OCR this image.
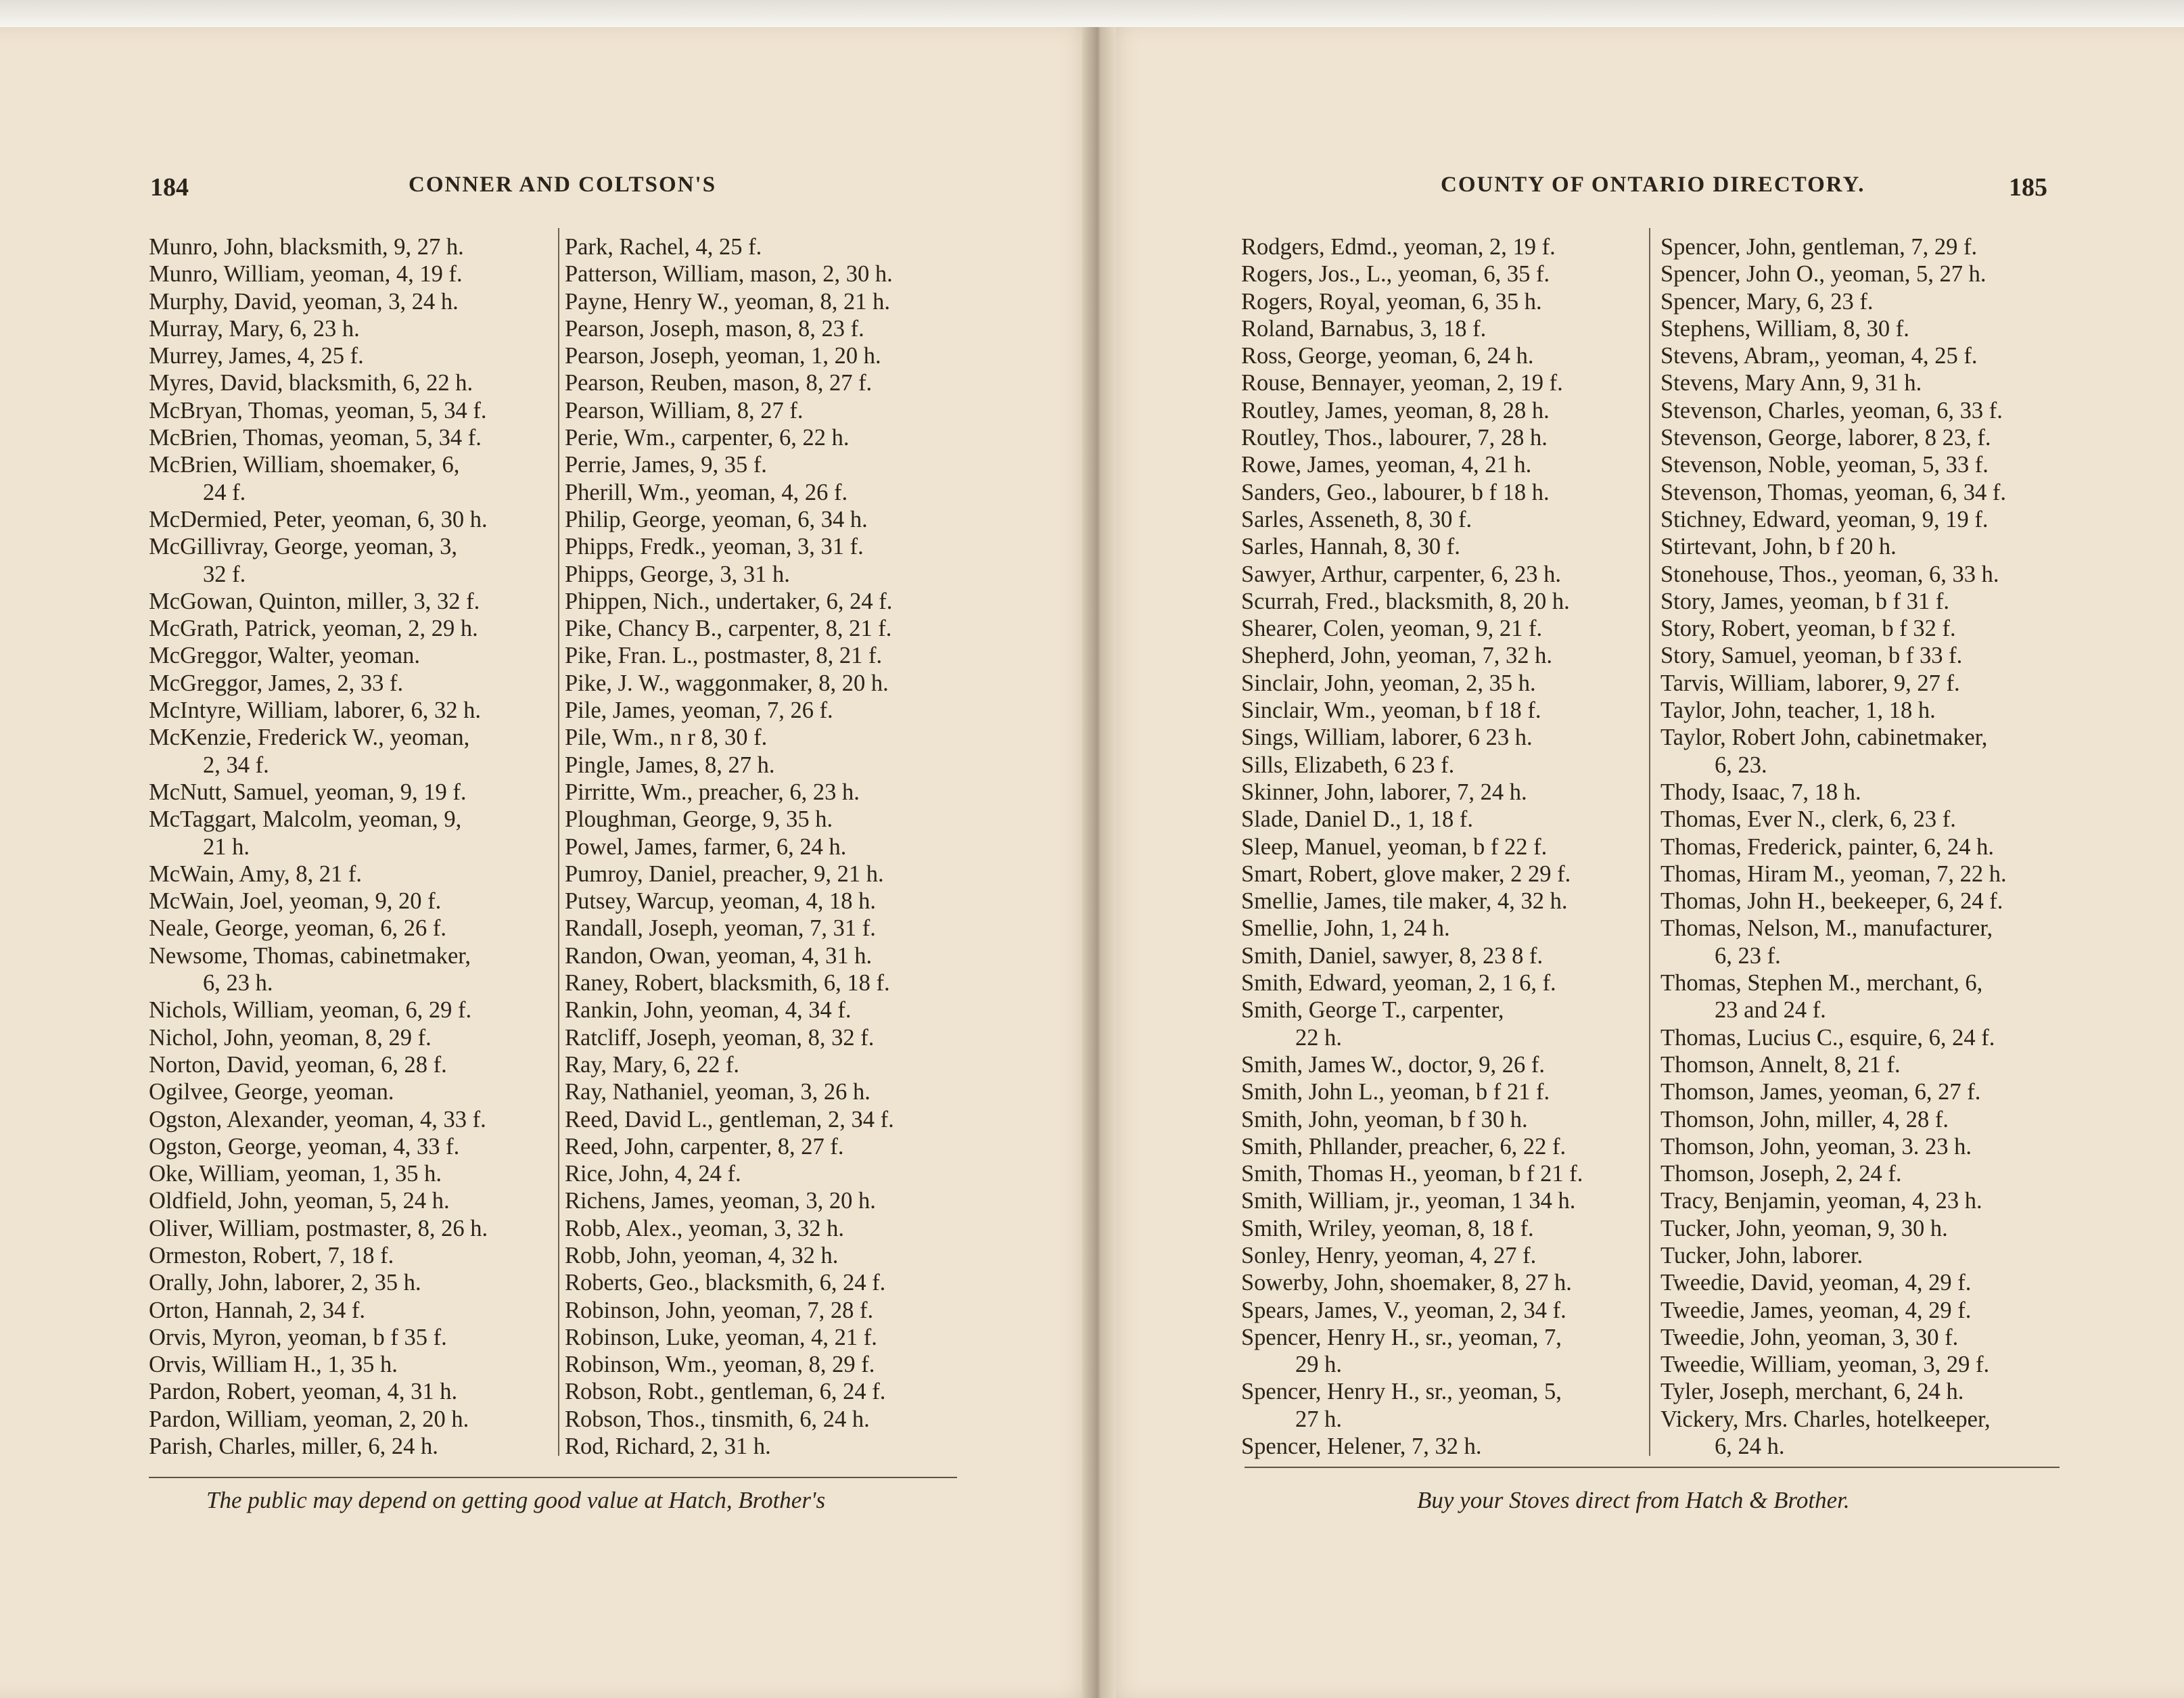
184	CONNER AND COLTSON'S	COUNTY OF ONTARIO DIRECTORY.	185
Munro, John, blacksmith, 9, 27 h.
Munro, William, yeoman, 4, 19 f.
Murphy, David, yeoman, 3, 24 h.
Murray, Mary, 6, 23 h.
Murrey, James, 4, 25 f.
Myres, David, blacksmith, 6, 22 h.
McBryan, Thomas, yeoman, 5, 34 f.
McBrien, Thomas, yeoman, 5, 34 f.
McBrien, William, shoemaker, 6,
24 f.
McDermied, Peter, yeoman, 6, 30 h.
McGillivray, George, yeoman, 3,
32 f.
McGowan, Quinton, miller, 3, 32 f.
McGrath, Patrick, yeoman, 2, 29 h.
McGreggor, Walter, yeoman.
McGreggor, James, 2, 33 f.
McIntyre, William, laborer, 6, 32 h.
McKenzie, Frederick W., yeoman,
2, 34 f.
McNutt, Samuel, yeoman, 9, 19 f.
McTaggart, Malcolm, yeoman, 9,
21 h.
McWain, Amy, 8, 21 f.
McWain, Joel, yeoman, 9, 20 f.
Neale, George, yeoman, 6, 26 f.
Newsome, Thomas, cabinetmaker,
6, 23 h.
Nichols, William, yeoman, 6, 29 f.
Nichol, John, yeoman, 8, 29 f.
Norton, David, yeoman, 6, 28 f.
Ogilvee, George, yeoman.
Ogston, Alexander, yeoman, 4, 33 f.
Ogston, George, yeoman, 4, 33 f.
Oke, William, yeoman, 1, 35 h.
Oldfield, John, yeoman, 5, 24 h.
Oliver, William, postmaster, 8, 26 h.
Ormeston, Robert, 7, 18 f.
Orally, John, laborer, 2, 35 h.
Orton, Hannah, 2, 34 f.
Orvis, Myron, yeoman, b f 35 f.
Orvis, William H., 1, 35 h.
Pardon, Robert, yeoman, 4, 31 h.
Pardon, William, yeoman, 2, 20 h.
Parish, Charles, miller, 6, 24 h.
Park, Rachel, 4, 25 f.
Patterson, William, mason, 2, 30 h.
Payne, Henry W., yeoman, 8, 21 h.
Pearson, Joseph, mason, 8, 23 f.
Pearson, Joseph, yeoman, 1, 20 h.
Pearson, Reuben, mason, 8, 27 f.
Pearson, William, 8, 27 f.
Perie, Wm., carpenter, 6, 22 h.
Perrie, James, 9, 35 f.
Pherill, Wm., yeoman, 4, 26 f.
Philip, George, yeoman, 6, 34 h.
Phipps, Fredk., yeoman, 3, 31 f.
Phipps, George, 3, 31 h.
Phippen, Nich., undertaker, 6, 24 f.
Pike, Chancy B., carpenter, 8, 21 f.
Pike, Fran. L., postmaster, 8, 21 f.
Pike, J. W., waggonmaker, 8, 20 h.
Pile, James, yeoman, 7, 26 f.
Pile, Wm., n r 8, 30 f.
Pingle, James, 8, 27 h.
Pirritte, Wm., preacher, 6, 23 h.
Ploughman, George, 9, 35 h.
Powel, James, farmer, 6, 24 h.
Pumroy, Daniel, preacher, 9, 21 h.
Putsey, Warcup, yeoman, 4, 18 h.
Randall, Joseph, yeoman, 7, 31 f.
Randon, Owan, yeoman, 4, 31 h.
Raney, Robert, blacksmith, 6, 18 f.
Rankin, John, yeoman, 4, 34 f.
Ratcliff, Joseph, yeoman, 8, 32 f.
Ray, Mary, 6, 22 f.
Ray, Nathaniel, yeoman, 3, 26 h.
Reed, David L., gentleman, 2, 34 f.
Reed, John, carpenter, 8, 27 f.
Rice, John, 4, 24 f.
Richens, James, yeoman, 3, 20 h.
Robb, Alex., yeoman, 3, 32 h.
Robb, John, yeoman, 4, 32 h.
Roberts, Geo., blacksmith, 6, 24 f.
Robinson, John, yeoman, 7, 28 f.
Robinson, Luke, yeoman, 4, 21 f.
Robinson, Wm., yeoman, 8, 29 f.
Robson, Robt., gentleman, 6, 24 f.
Robson, Thos., tinsmith, 6, 24 h.
Rod, Richard, 2, 31 h.
Rodgers, Edmd., yeoman, 2, 19 f.
Rogers, Jos., L., yeoman, 6, 35 f.
Rogers, Royal, yeoman, 6, 35 h.
Roland, Barnabus, 3, 18 f.
Ross, George, yeoman, 6, 24 h.
Rouse, Bennayer, yeoman, 2, 19 f.
Routley, James, yeoman, 8, 28 h.
Routley, Thos., labourer, 7, 28 h.
Rowe, James, yeoman, 4, 21 h.
Sanders, Geo., labourer, b f 18 h.
Sarles, Asseneth, 8, 30 f.
Sarles, Hannah, 8, 30 f.
Sawyer, Arthur, carpenter, 6, 23 h.
Scurrah, Fred., blacksmith, 8, 20 h.
Shearer, Colen, yeoman, 9, 21 f.
Shepherd, John, yeoman, 7, 32 h.
Sinclair, John, yeoman, 2, 35 h.
Sinclair, Wm., yeoman, b f 18 f.
Sings, William, laborer, 6 23 h.
Sills, Elizabeth, 6 23 f.
Skinner, John, laborer, 7, 24 h.
Slade, Daniel D., 1, 18 f.
Sleep, Manuel, yeoman, b f 22 f.
Smart, Robert, glove maker, 2 29 f.
Smellie, James, tile maker, 4, 32 h.
Smellie, John, 1, 24 h.
Smith, Daniel, sawyer, 8, 23 8 f.
Smith, Edward, yeoman, 2, 1 6, f.
Smith, George T., carpenter,
22 h.
Smith, James W., doctor, 9, 26 f.
Smith, John L., yeoman, b f 21 f.
Smith, John, yeoman, b f 30 h.
Smith, Phllander, preacher, 6, 22 f.
Smith, Thomas H., yeoman, b f 21 f.
Smith, William, jr., yeoman, 1 34 h.
Smith, Wriley, yeoman, 8, 18 f.
Sonley, Henry, yeoman, 4, 27 f.
Sowerby, John, shoemaker, 8, 27 h.
Spears, James, V., yeoman, 2, 34 f.
Spencer, Henry H., sr., yeoman, 7,
29 h.
Spencer, Henry H., sr., yeoman, 5,
27 h.
Spencer, Helener, 7, 32 h.
Spencer, John, gentleman, 7, 29 f.
Spencer, John O., yeoman, 5, 27 h.
Spencer, Mary, 6, 23 f.
Stephens, William, 8, 30 f.
Stevens, Abram,, yeoman, 4, 25 f.
Stevens, Mary Ann, 9, 31 h.
Stevenson, Charles, yeoman, 6, 33 f.
Stevenson, George, laborer, 8 23, f.
Stevenson, Noble, yeoman, 5, 33 f.
Stevenson, Thomas, yeoman, 6, 34 f.
Stichney, Edward, yeoman, 9, 19 f.
Stirtevant, John, b f 20 h.
Stonehouse, Thos., yeoman, 6, 33 h.
Story, James, yeoman, b f 31 f.
Story, Robert, yeoman, b f 32 f.
Story, Samuel, yeoman, b f 33 f.
Tarvis, William, laborer, 9, 27 f.
Taylor, John, teacher, 1, 18 h.
Taylor, Robert John, cabinetmaker,
6, 23.
Thody, Isaac, 7, 18 h.
Thomas, Ever N., clerk, 6, 23 f.
Thomas, Frederick, painter, 6, 24 h.
Thomas, Hiram M., yeoman, 7, 22 h.
Thomas, John H., beekeeper, 6, 24 f.
Thomas, Nelson, M., manufacturer,
6, 23 f.
Thomas, Stephen M., merchant, 6,
23 and 24 f.
Thomas, Lucius C., esquire, 6, 24 f.
Thomson, Annelt, 8, 21 f.
Thomson, James, yeoman, 6, 27 f.
Thomson, John, miller, 4, 28 f.
Thomson, John, yeoman, 3. 23 h.
Thomson, Joseph, 2, 24 f.
Tracy, Benjamin, yeoman, 4, 23 h.
Tucker, John, yeoman, 9, 30 h.
Tucker, John, laborer.
Tweedie, David, yeoman, 4, 29 f.
Tweedie, James, yeoman, 4, 29 f.
Tweedie, John, yeoman, 3, 30 f.
Tweedie, William, yeoman, 3, 29 f.
Tyler, Joseph, merchant, 6, 24 h.
Vickery, Mrs. Charles, hotelkeeper,
6, 24 h.
The public may depend on getting good value at Hatch, Brother's	Buy your Stoves direct from Hatch & Brother.
